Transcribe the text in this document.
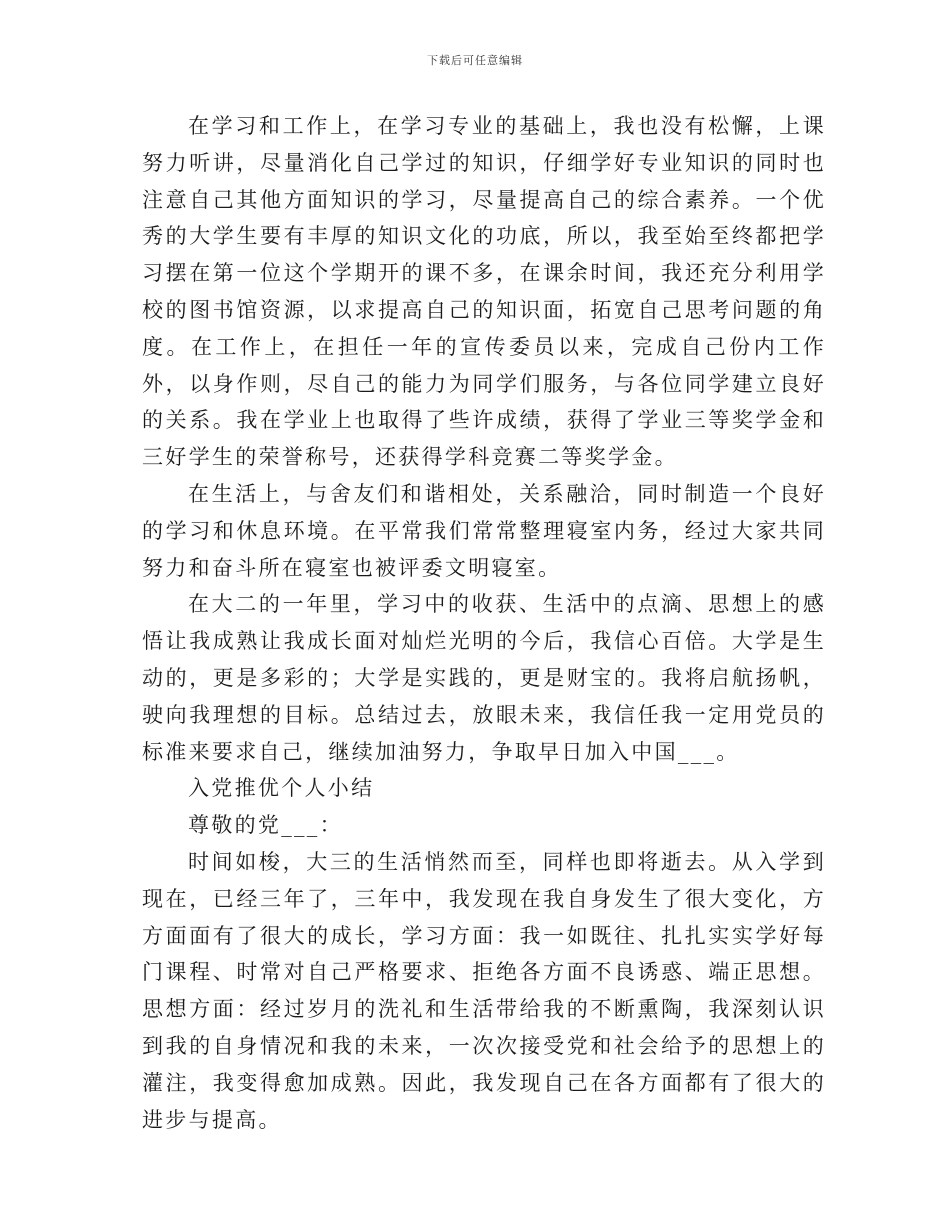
下载后可任意编辑

在学习和工作上，在学习专业的基础上，我也没有松懈，上课努力听讲，尽量消化自己学过的知识，仔细学好专业知识的同时也注意自己其他方面知识的学习，尽量提高自己的综合素养。一个优秀的大学生要有丰厚的知识文化的功底，所以，我至始至终都把学习摆在第一位这个学期开的课不多，在课余时间，我还充分利用学校的图书馆资源，以求提高自己的知识面，拓宽自己思考问题的角度。在工作上，在担任一年的宣传委员以来，完成自己份内工作外，以身作则，尽自己的能力为同学们服务，与各位同学建立良好的关系。我在学业上也取得了些许成绩，获得了学业三等奖学金和三好学生的荣誉称号，还获得学科竞赛二等奖学金。

在生活上，与舍友们和谐相处，关系融洽，同时制造一个良好的学习和休息环境。在平常我们常常整理寝室内务，经过大家共同努力和奋斗所在寝室也被评委文明寝室。

在大二的一年里，学习中的收获、生活中的点滴、思想上的感悟让我成熟让我成长面对灿烂光明的今后，我信心百倍。大学是生动的，更是多彩的；大学是实践的，更是财宝的。我将启航扬帆，驶向我理想的目标。总结过去，放眼未来，我信任我一定用党员的标准来要求自己，继续加油努力，争取早日加入中国___。

入党推优个人小结

尊敬的党___：

时间如梭，大三的生活悄然而至，同样也即将逝去。从入学到现在，已经三年了，三年中，我发现在我自身发生了很大变化，方方面面有了很大的成长，学习方面：我一如既往、扎扎实实学好每门课程、时常对自己严格要求、拒绝各方面不良诱惑、端正思想。思想方面：经过岁月的洗礼和生活带给我的不断熏陶，我深刻认识到我的自身情况和我的未来，一次次接受党和社会给予的思想上的灌注，我变得愈加成熟。因此，我发现自己在各方面都有了很大的进步与提高。
